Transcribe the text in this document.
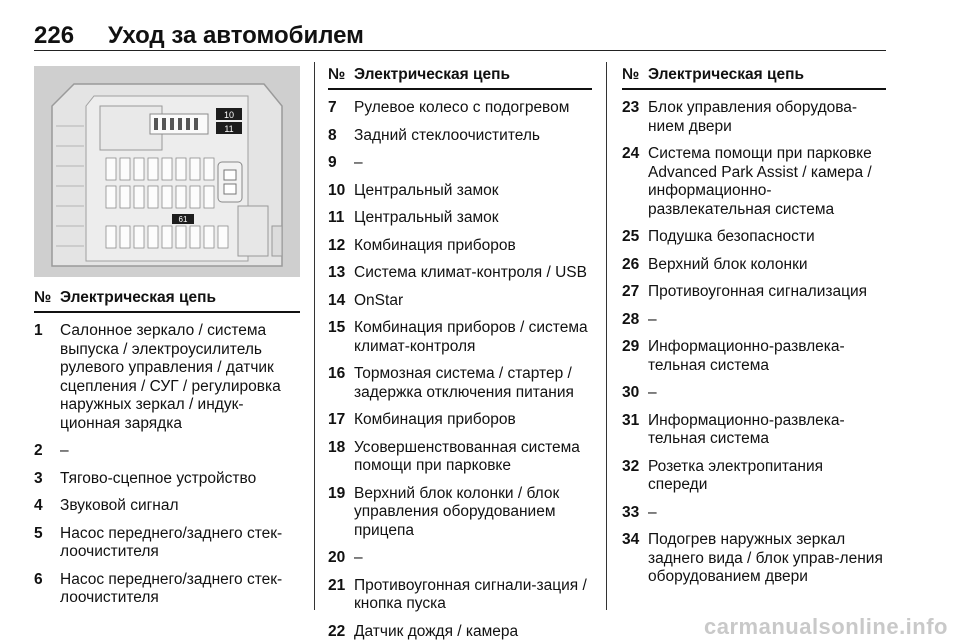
226 Уход за автомобилем
10
11
61
№ Электрическая цепь
1	Салонное зеркало / система выпуска / электроусилитель рулевого управления / датчик сцепления / СУГ / регулировка наружных зеркал / индук-ционная зарядка
2	–
3	Тягово-сцепное устройство
4	Звуковой сигнал
5	Насос переднего/заднего стек-лоочистителя
6	Насос переднего/заднего стек-лоочистителя
№ Электрическая цепь
7	Рулевое колесо с подогревом
8	Задний стеклоочиститель
9	–
10 Центральный замок
11 Центральный замок
12 Комбинация приборов
13 Система климат-контроля / USB
14 OnStar
15 Комбинация приборов / система климат-контроля
16 Тормозная система / стартер / задержка отключения питания
17 Комбинация приборов
18 Усовершенствованная система помощи при парковке
19 Верхний блок колонки / блок управления оборудованием прицепа
20 –
21 Противоугонная сигнали-зация / кнопка пуска
22 Датчик дождя / камера
№ Электрическая цепь
23 Блок управления оборудова-нием двери
24 Система помощи при парковке Advanced Park Assist / камера / информационно-развлекательная система
25 Подушка безопасности
26 Верхний блок колонки
27 Противоугонная сигнализация
28 –
29 Информационно-развлека-тельная система
30 –
31 Информационно-развлека-тельная система
32 Розетка электропитания спереди
33 –
34 Подогрев наружных зеркал заднего вида / блок управ-ления оборудованием двери
carmanualsonline.info
